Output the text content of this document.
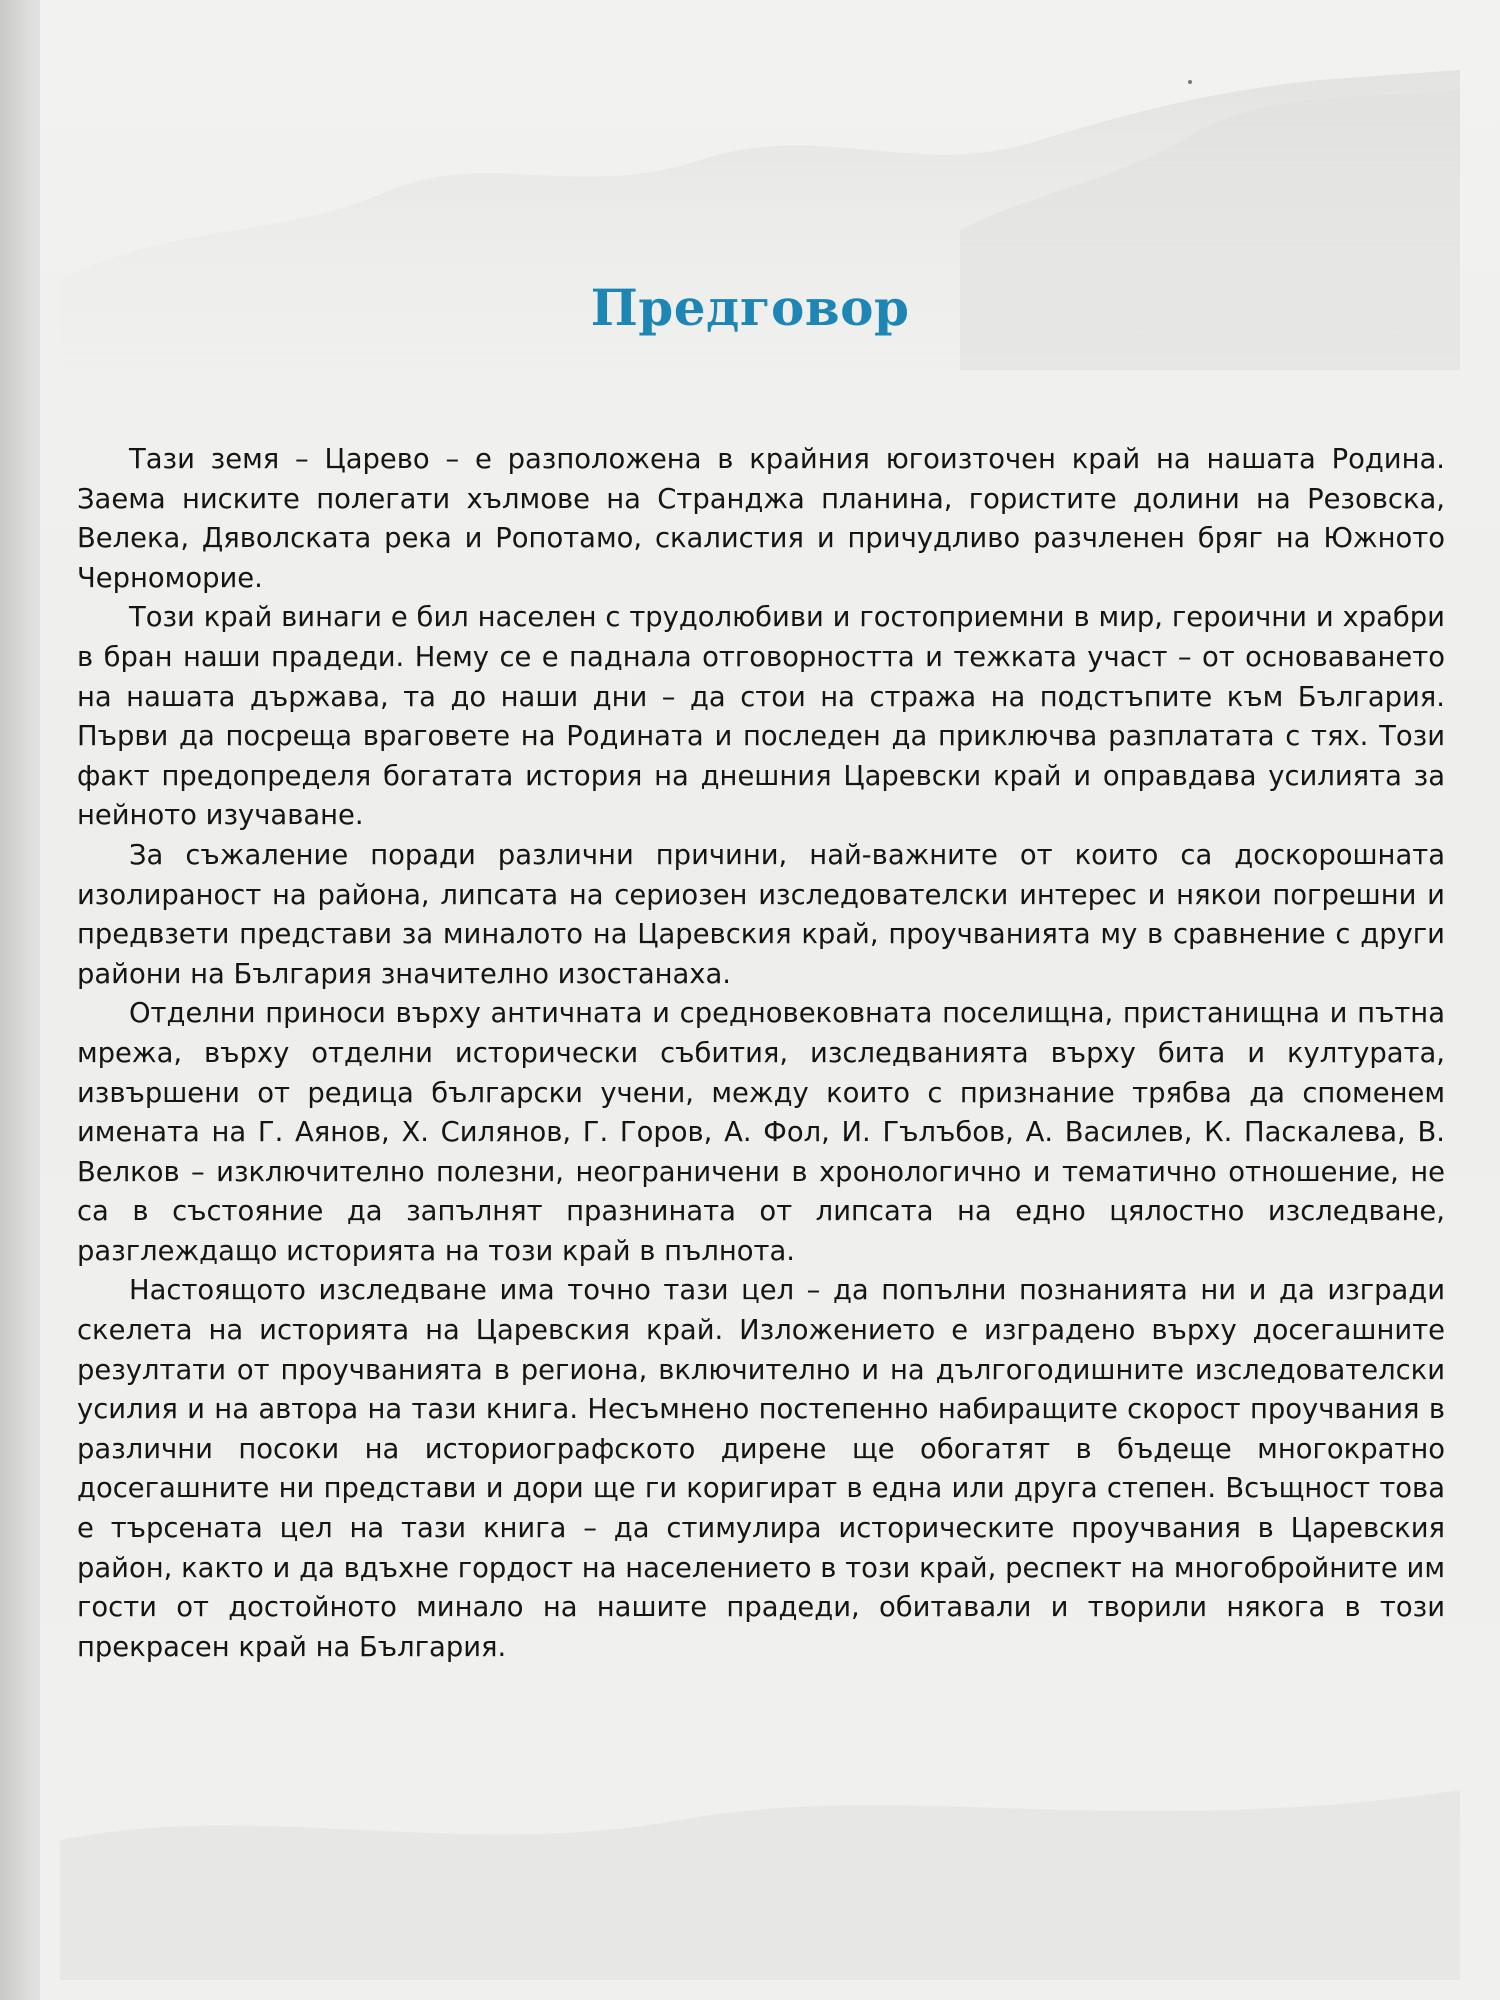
Предговор

Тази земя – Царево – е разположена в крайния югоизточен край на нашата Родина. Заема ниските полегати хълмове на Странджа планина, гористите долини на Резовска, Велека, Дяволската река и Ропотамо, скалистия и причудливо разчленен бряг на Южното Черноморие.

Този край винаги е бил населен с трудолюбиви и гостоприемни в мир, героични и храбри в бран наши прадеди. Нему се е паднала отговорността и тежката участ – от основаването на нашата държава, та до наши дни – да стои на стража на подстъпите към България. Първи да посреща враговете на Родината и последен да приключва разплатата с тях. Този факт предопределя богатата история на днешния Царевски край и оправдава усилията за нейното изучаване.

За съжаление поради различни причини, най-важните от които са доскорошната изолираност на района, липсата на сериозен изследователски интерес и някои погрешни и предвзети представи за миналото на Царевския край, проучванията му в сравнение с други райони на България значително изостанаха.

Отделни приноси върху античната и средновековната поселищна, пристанищна и пътна мрежа, върху отделни исторически събития, изследванията върху бита и културата, извършени от редица български учени, между които с признание трябва да споменем имената на Г. Аянов, Х. Силянов, Г. Горов, А. Фол, И. Гълъбов, А. Василев, К. Паскалева, В. Велков – изключително полезни, неограничени в хронологично и тематично отношение, не са в състояние да запълнят празнината от липсата на едно цялостно изследване, разглеждащо историята на този край в пълнота.

Настоящото изследване има точно тази цел – да попълни познанията ни и да изгради скелета на историята на Царевския край. Изложението е изградено върху досегашните резултати от проучванията в региона, включително и на дългогодишните изследователски усилия и на автора на тази книга. Несъмнено постепенно набиращите скорост проучвания в различни посоки на историографското дирене ще обогатят в бъдеще многократно досегашните ни представи и дори ще ги коригират в една или друга степен. Всъщност това е търсената цел на тази книга – да стимулира историческите проучвания в Царевския район, както и да вдъхне гордост на населението в този край, респект на многобройните им гости от достойното минало на нашите прадеди, обитавали и творили някога в този прекрасен край на България.
